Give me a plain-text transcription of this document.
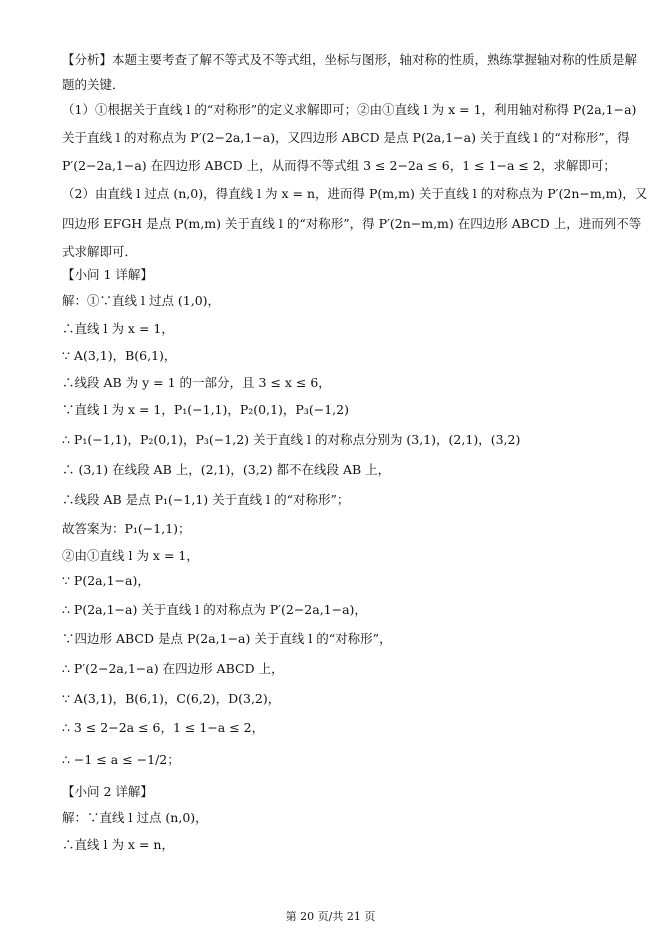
【分析】本题主要考查了解不等式及不等式组，坐标与图形，轴对称的性质，熟练掌握轴对称的性质是解
题的关键．
（1）①根据关于直线 l 的“对称形”的定义求解即可；②由①直线 l 为 x = 1，利用轴对称得 P(2a,1−a)
关于直线 l 的对称点为 P′(2−2a,1−a)，又四边形 ABCD 是点 P(2a,1−a) 关于直线 l 的“对称形”，得
P′(2−2a,1−a) 在四边形 ABCD 上，从而得不等式组 3 ≤ 2−2a ≤ 6，1 ≤ 1−a ≤ 2，求解即可；
（2）由直线 l 过点 (n,0)，得直线 l 为 x = n，进而得 P(m,m) 关于直线 l 的对称点为 P′(2n−m,m)，又
四边形 EFGH 是点 P(m,m) 关于直线 l 的“对称形”，得 P′(2n−m,m) 在四边形 ABCD 上，进而列不等
式求解即可．
【小问 1 详解】
解：①∵直线 l 过点 (1,0)，
∴直线 l 为 x = 1，
∵ A(3,1)，B(6,1)，
∴线段 AB 为 y = 1 的一部分，且 3 ≤ x ≤ 6，
∵直线 l 为 x = 1，P₁(−1,1)，P₂(0,1)，P₃(−1,2)
∴ P₁(−1,1)，P₂(0,1)，P₃(−1,2) 关于直线 l 的对称点分别为 (3,1)，(2,1)，(3,2)
∴ (3,1) 在线段 AB 上，(2,1)，(3,2) 都不在线段 AB 上，
∴线段 AB 是点 P₁(−1,1) 关于直线 l 的“对称形”；
故答案为：P₁(−1,1)；
②由①直线 l 为 x = 1，
∵ P(2a,1−a)，
∴ P(2a,1−a) 关于直线 l 的对称点为 P′(2−2a,1−a)，
∵四边形 ABCD 是点 P(2a,1−a) 关于直线 l 的“对称形”，
∴ P′(2−2a,1−a) 在四边形 ABCD 上，
∵ A(3,1)，B(6,1)，C(6,2)，D(3,2)，
∴ 3 ≤ 2−2a ≤ 6，1 ≤ 1−a ≤ 2，
∴ −1 ≤ a ≤ −1/2；
【小问 2 详解】
解：∵直线 l 过点 (n,0)，
∴直线 l 为 x = n，
第 20 页/共 21 页
